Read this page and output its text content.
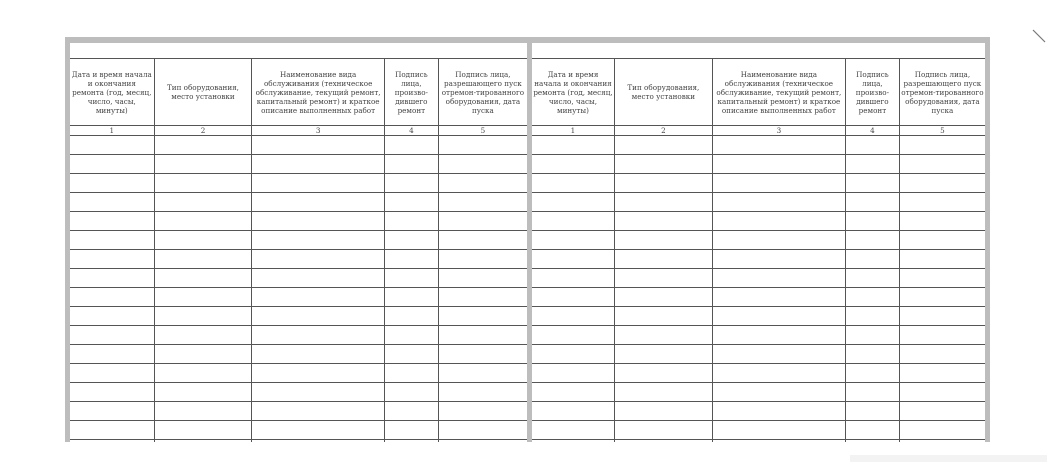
Дата и время начала и окончания ремонта (год, месяц, число, часы, минуты)	Тип оборудования, место установки	Наименование вида обслуживания (техническое обслуживание, текущий ремонт, капитальный ремонт) и краткое описание выполненных работ	Подпись лица, произво-дившего ремонт	Подпись лица, разрешающего пуск отремон-тированного оборудования, дата пуска
1	2	3	4	5

Дата и время начала и окончания ремонта (год, месяц, число, часы, минуты)	Тип оборудования, место установки	Наименование вида обслуживания (техническое обслуживание, текущий ремонт, капитальный ремонт) и краткое описание выполненных работ	Подпись лица, произво-дившего ремонт	Подпись лица, разрешающего пуск отремон-тированного оборудования, дата пуска
1	2	3	4	5
